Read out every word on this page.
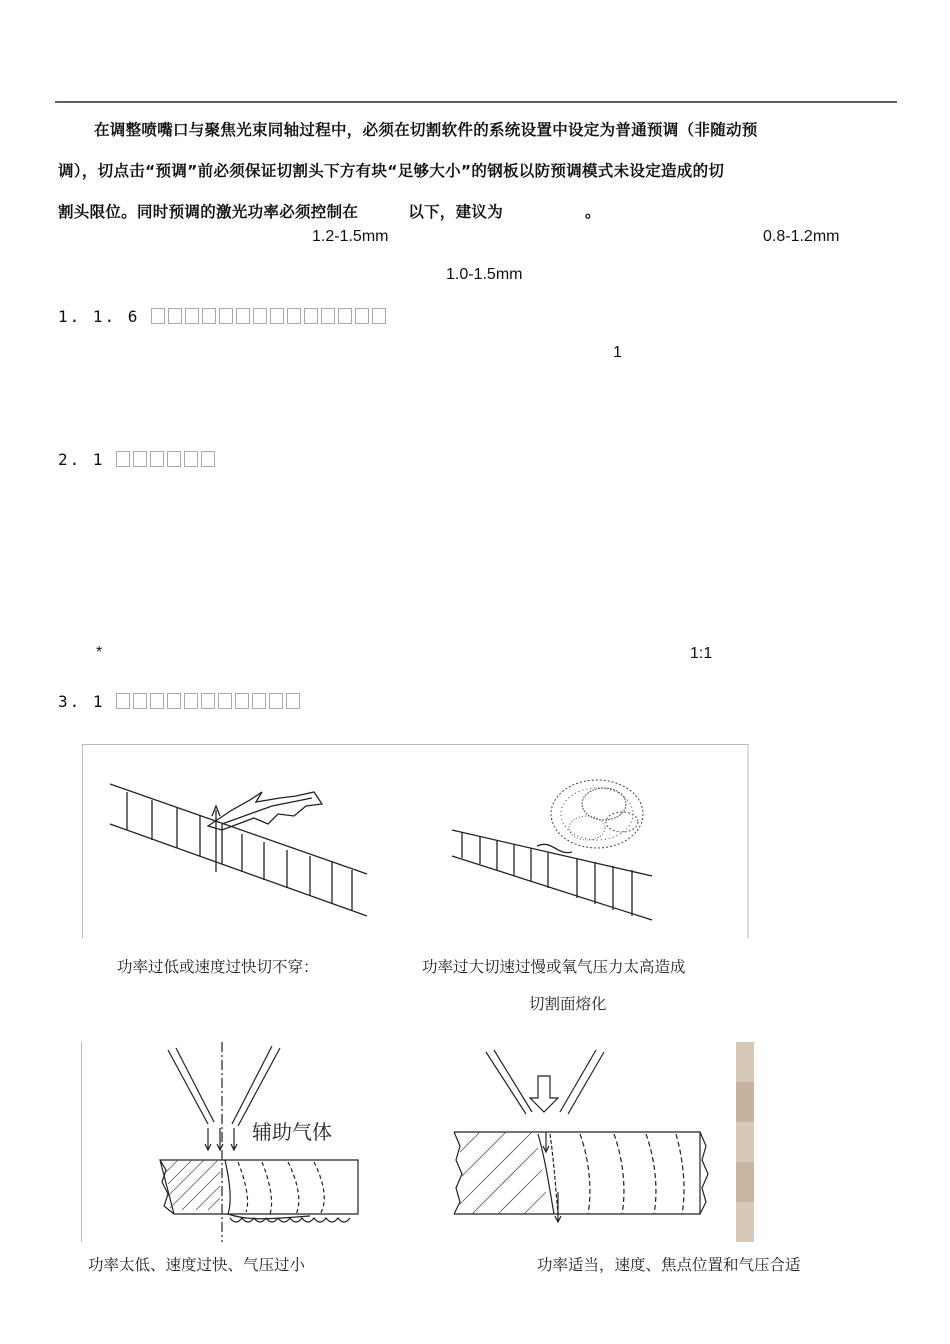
在调整喷嘴口与聚焦光束同轴过程中，必须在切割软件的系统设置中设定为普通预调（非随动预
调），切点击“预调”前必须保证切割头下方有块“足够大小”的钢板以防预调模式未设定造成的切
割头限位。同时预调的激光功率必须控制在	以下，建议为	。
1.2-1.5mm	0.8-1.2mm
1.0-1.5mm
1. 1. 6
1
2. 1
*	1:1
3. 1
功率过低或速度过快切不穿：	功率过大切速过慢或氧气压力太高造成
切割面熔化
辅助气体
功率太低、速度过快、气压过小	功率适当，速度、焦点位置和气压合适
